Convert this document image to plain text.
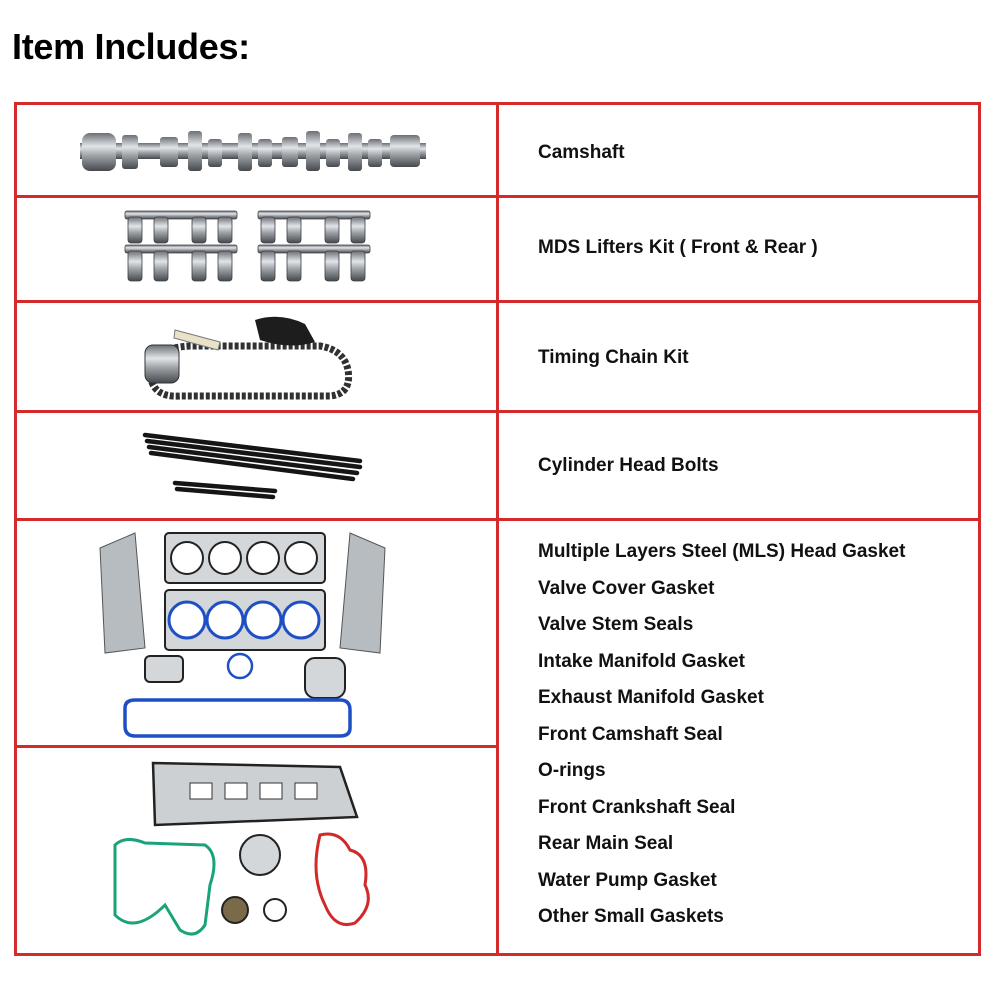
Item Includes:
Camshaft
MDS Lifters Kit ( Front & Rear )
Timing Chain Kit
Cylinder Head Bolts
Multiple Layers Steel (MLS) Head Gasket
Valve Cover Gasket
Valve Stem Seals
Intake Manifold Gasket
Exhaust Manifold Gasket
Front Camshaft Seal
O-rings
Front Crankshaft Seal
Rear Main Seal
Water Pump Gasket
Other Small Gaskets
